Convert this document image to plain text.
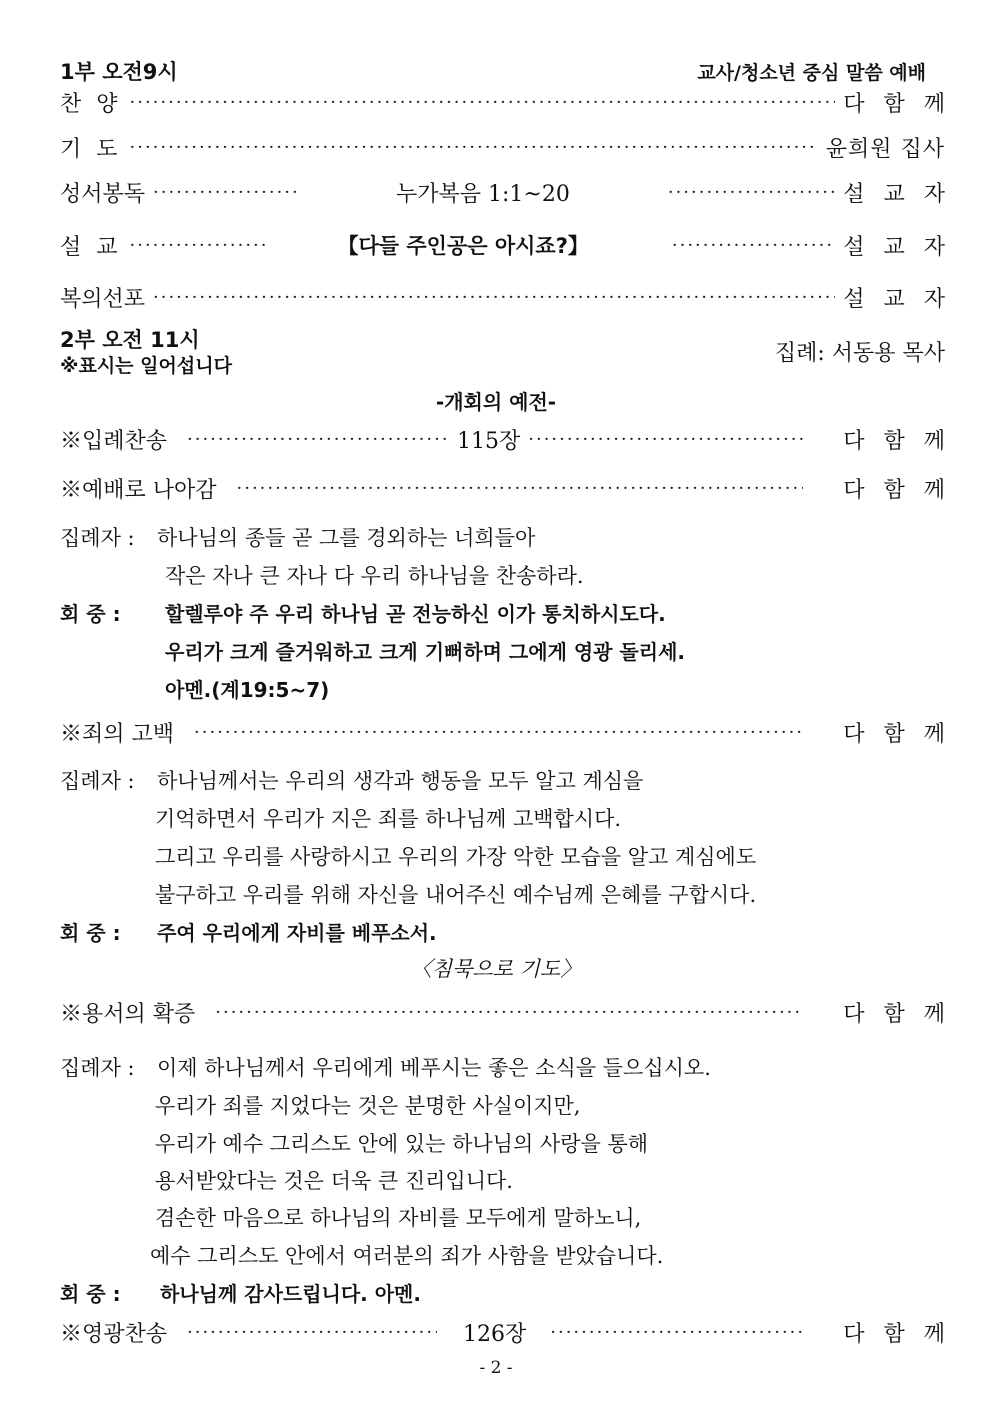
1부 오전9시	교사/청소년 중심 말씀 예배
찬 양 ·····	다 함 께
기 도 ·····	윤희원 집사
성서봉독 ·····	누가복음 1:1~20 ·····	설 교 자
설 교 ·····	【다들 주인공은 아시죠?】 ·····	설 교 자
복의선포 ·····	설 교 자
2부 오전 11시
※표시는 일어섭니다	집례: 서동용 목사
-개회의 예전-
※입례찬송 ·····	115장 ·····	다 함 께
※예배로 나아감 ·····	다 함 께
집례자 : 하나님의 종들 곧 그를 경외하는 너희들아
작은 자나 큰 자나 다 우리 하나님을 찬송하라.
회 중 : 할렐루야 주 우리 하나님 곧 전능하신 이가 통치하시도다.
우리가 크게 즐거워하고 크게 기뻐하며 그에게 영광 돌리세.
아멘.(계19:5~7)
※죄의 고백 ·····	다 함 께
집례자 : 하나님께서는 우리의 생각과 행동을 모두 알고 계심을
기억하면서 우리가 지은 죄를 하나님께 고백합시다.
그리고 우리를 사랑하시고 우리의 가장 악한 모습을 알고 계심에도
불구하고 우리를 위해 자신을 내어주신 예수님께 은혜를 구합시다.
회 중 : 주여 우리에게 자비를 베푸소서.
〈침묵으로 기도〉
※용서의 확증 ·····	다 함 께
집례자 : 이제 하나님께서 우리에게 베푸시는 좋은 소식을 들으십시오.
우리가 죄를 지었다는 것은 분명한 사실이지만,
우리가 예수 그리스도 안에 있는 하나님의 사랑을 통해
용서받았다는 것은 더욱 큰 진리입니다.
겸손한 마음으로 하나님의 자비를 모두에게 말하노니,
예수 그리스도 안에서 여러분의 죄가 사함을 받았습니다.
회 중 : 하나님께 감사드립니다. 아멘.
※영광찬송 ·····	126장 ·····	다 함 께
- 2 -
